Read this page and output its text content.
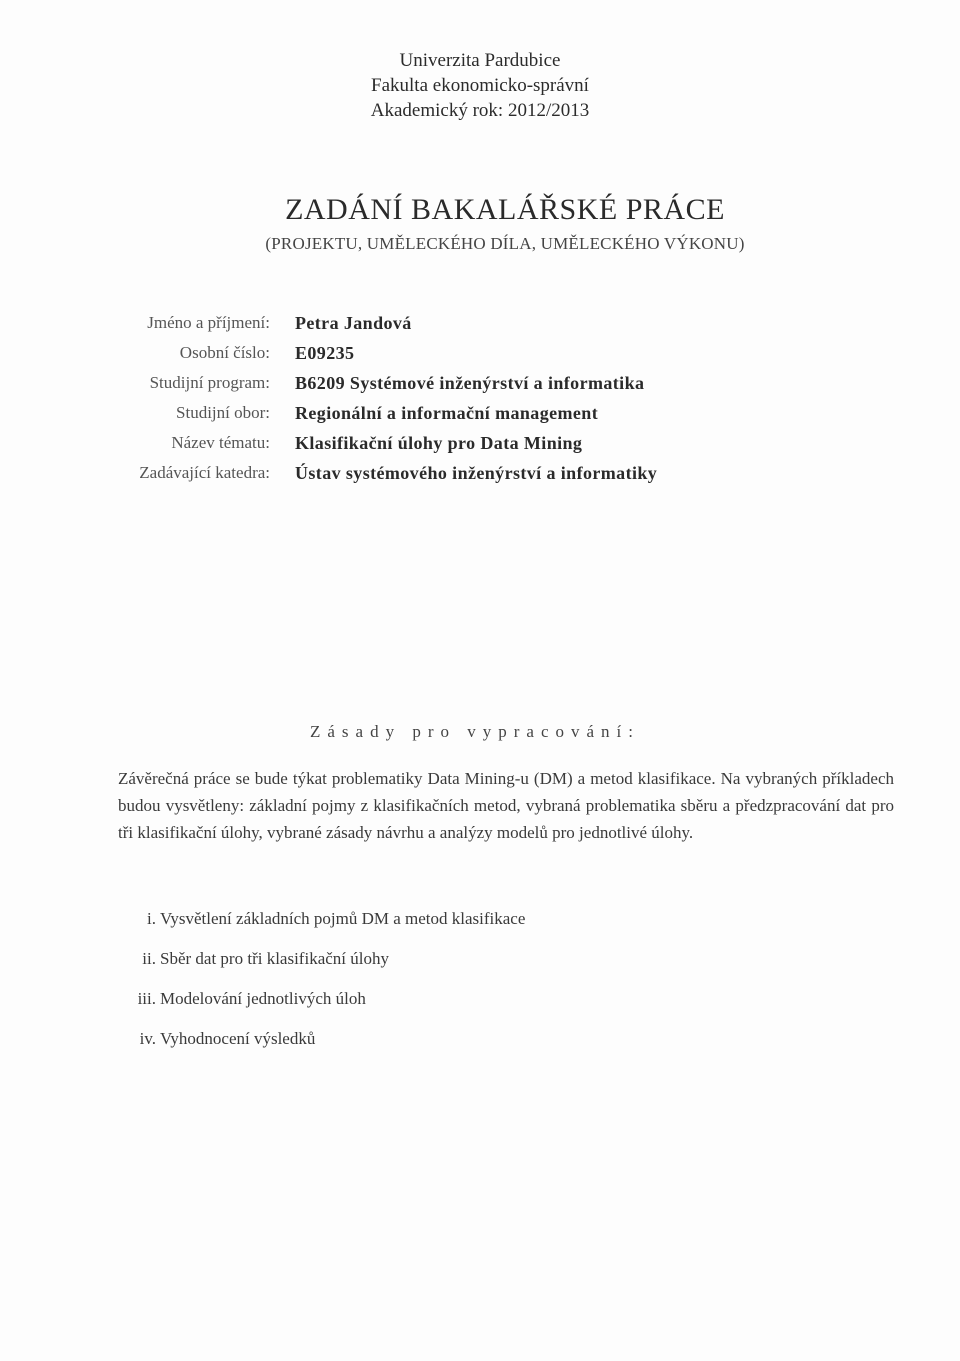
Univerzita Pardubice
Fakulta ekonomicko-správní
Akademický rok: 2012/2013
ZADÁNÍ BAKALÁŘSKÉ PRÁCE
(PROJEKTU, UMĚLECKÉHO DÍLA, UMĚLECKÉHO VÝKONU)
Jméno a příjmení: Petra Jandová
Osobní číslo: E09235
Studijní program: B6209 Systémové inženýrství a informatika
Studijní obor: Regionální a informační management
Název tématu: Klasifikační úlohy pro Data Mining
Zadávající katedra: Ústav systémového inženýrství a informatiky
Zásady pro vypracování:
Závěrečná práce se bude týkat problematiky Data Mining-u (DM) a metod klasifikace. Na vybraných příkladech budou vysvětleny: základní pojmy z klasifikačních metod, vybraná problematika sběru a předzpracování dat pro tři klasifikační úlohy, vybrané zásady návrhu a analýzy modelů pro jednotlivé úlohy.
i. Vysvětlení základních pojmů DM a metod klasifikace
ii. Sběr dat pro tři klasifikační úlohy
iii. Modelování jednotlivých úloh
iv. Vyhodnocení výsledků
